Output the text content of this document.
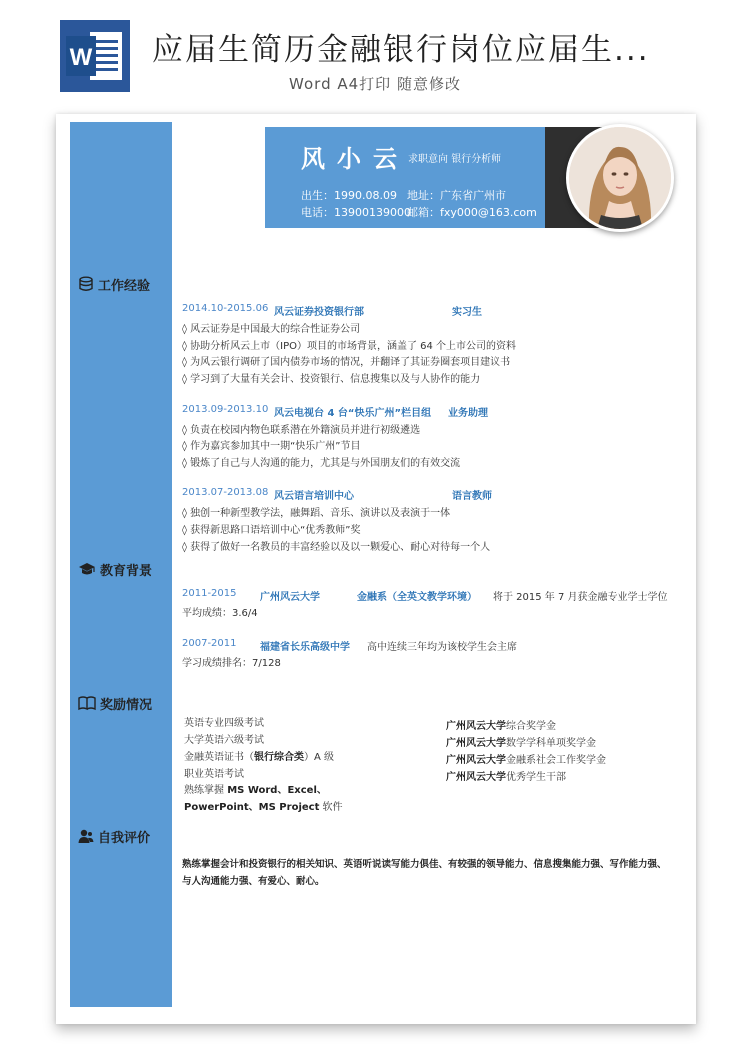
W 应届生简历金融银行岗位应届生...
Word A4打印 随意修改
风小云 求职意向 银行分析师
出生：1990.08.09 地址：广东省广州市
电话：13900139000
邮箱：fxy000@163.com
工作经验
教育背景
奖励情况
自我评价
2014.10-2015.06 风云证券投资银行部	实习生
◊ 风云证券是中国最大的综合性证券公司
◊ 协助分析风云上市（IPO）项目的市场背景，涵盖了 64 个上市公司的资料
◊ 为风云银行调研了国内债券市场的情况，并翻译了其证券圈套项目建议书
◊ 学习到了大量有关会计、投资银行、信息搜集以及与人协作的能力
2013.09-2013.10 风云电视台 4 台“快乐广州”栏目组 业务助理
◊ 负责在校园内物色联系潜在外籍演员并进行初级遴选
◊ 作为嘉宾参加其中一期“快乐广州”节目
◊ 锻炼了自己与人沟通的能力，尤其是与外国朋友们的有效交流
2013.07-2013.08 风云语言培训中心	语言教师
◊ 独创一种新型教学法，融舞蹈、音乐、演讲以及表演于一体
◊ 获得新思路口语培训中心“优秀教师”奖
◊ 获得了做好一名教员的丰富经验以及以一颗爱心、耐心对待每一个人
2011-2015 广州风云大学	金融系（全英文教学环境） 将于 2015 年 7 月获金融专业学士学位
平均成绩：3.6/4
2007-2011 福建省长乐高级中学 高中连续三年均为该校学生会主席
学习成绩排名：7/128
英语专业四级考试
大学英语六级考试
金融英语证书（银行综合类）A 级
职业英语考试
熟练掌握 MS Word、Excel、
PowerPoint、MS Project 软件
广州风云大学综合奖学金
广州风云大学数学学科单项奖学金
广州风云大学金融系社会工作奖学金
广州风云大学优秀学生干部
熟练掌握会计和投资银行的相关知识、英语听说读写能力俱佳、有较强的领导能力、信息搜集能力强、写作能力强、
与人沟通能力强、有爱心、耐心。
